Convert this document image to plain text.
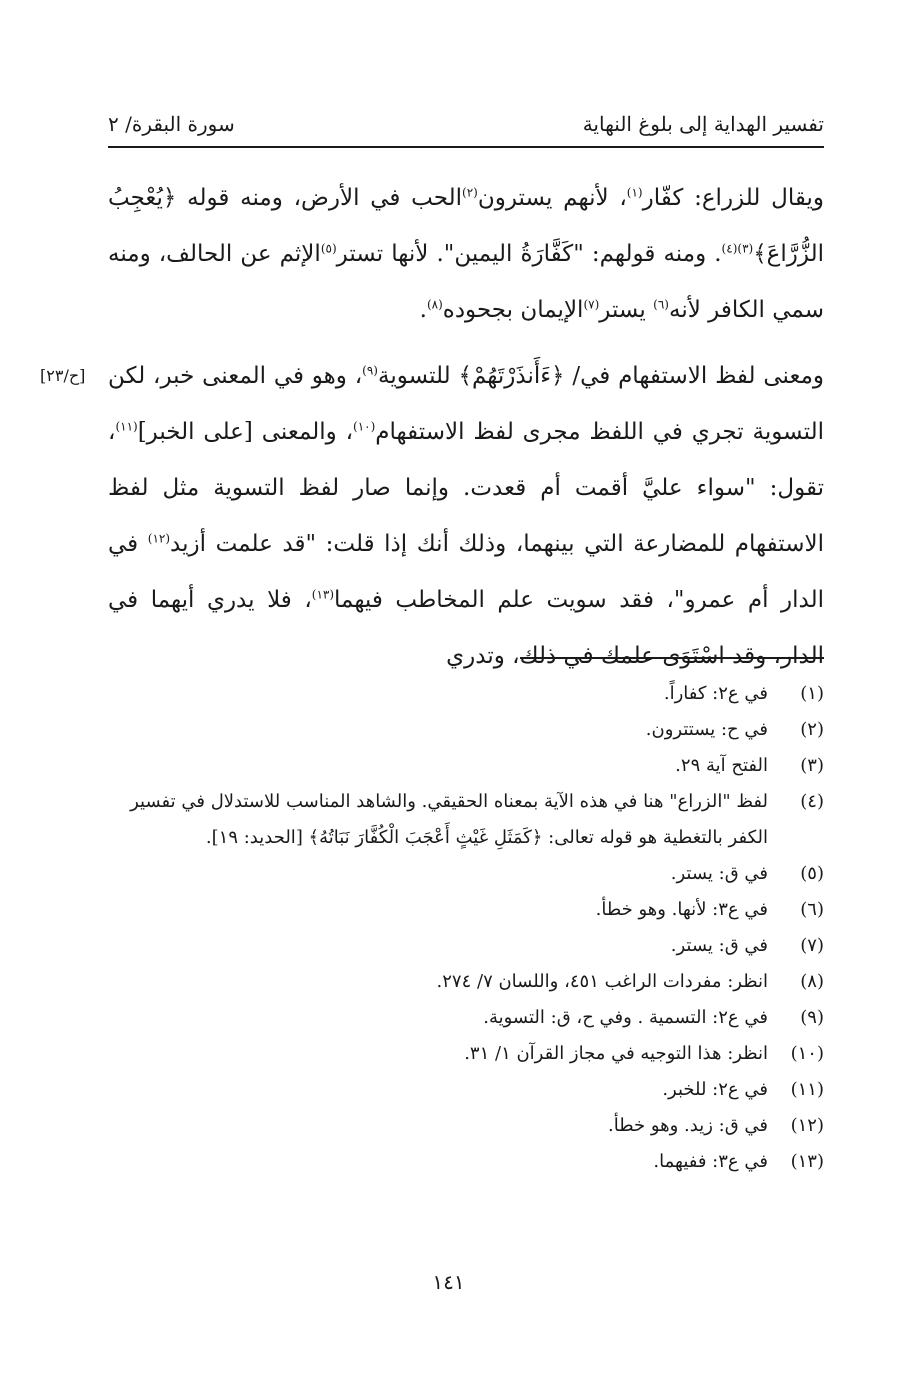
تفسير الهداية إلى بلوغ النهاية
سورة البقرة/ ٢
[ح/٢٣]

ويقال للزراع: كفّار$^{(١)}$، لأنهم يسترون$^{(٢)}$الحب في الأرض، ومنه قوله ﴿يُعْجِبُ الزُّرَّاعَ﴾$^{(٣)(٤)}$. ومنه قولهم: "كَفَّارَةُ اليمين". لأنها تستر$^{(٥)}$الإثم عن الحالف، ومنه سمي الكافر لأنه$^{(٦)}$ يستر$^{(٧)}$الإيمان بجحوده$^{(٨)}$.

ومعنى لفظ الاستفهام في/ ﴿ءَأَنذَرْتَهُمْ﴾ للتسوية$^{(٩)}$، وهو في المعنى خبر، لكن التسوية تجري في اللفظ مجرى لفظ الاستفهام$^{(١٠)}$، والمعنى [على الخبر]$^{(١١)}$، تقول: "سواء عليَّ أقمت أم قعدت. وإنما صار لفظ التسوية مثل لفظ الاستفهام للمضارعة التي بينهما، وذلك أنك إذا قلت: "قد علمت أزيد$^{(١٢)}$ في الدار أم عمرو"، فقد سويت علم المخاطب فيهما$^{(١٣)}$، فلا يدري أيهما في الدار، وقد اسْتَوَى علمك في ذلك، وتدري

(١)
في ع٢: كفاراً.
(٢)
في ح: يستترون.
(٣)
الفتح آية ٢٩.
(٤)
لفظ "الزراع" هنا في هذه الآية بمعناه الحقيقي. والشاهد المناسب للاستدلال في تفسير الكفر بالتغطية هو قوله تعالى: ﴿كَمَثَلِ غَيْثٍ أَعْجَبَ الْكُفَّارَ نَبَاتُهُ﴾ [الحديد: ١٩].
(٥)
في ق: يستر.
(٦)
في ع٣: لأنها. وهو خطأ.
(٧)
في ق: يستر.
(٨)
انظر: مفردات الراغب ٤٥١، واللسان ٧/ ٢٧٤.
(٩)
في ع٢: التسمية . وفي ح، ق: التسوية.
(١٠)
انظر: هذا التوجيه في مجاز القرآن ١/ ٣١.
(١١)
في ع٢: للخبر.
(١٢)
في ق: زيد. وهو خطأ.
(١٣)
في ع٣: ففيهما.
١٤١
